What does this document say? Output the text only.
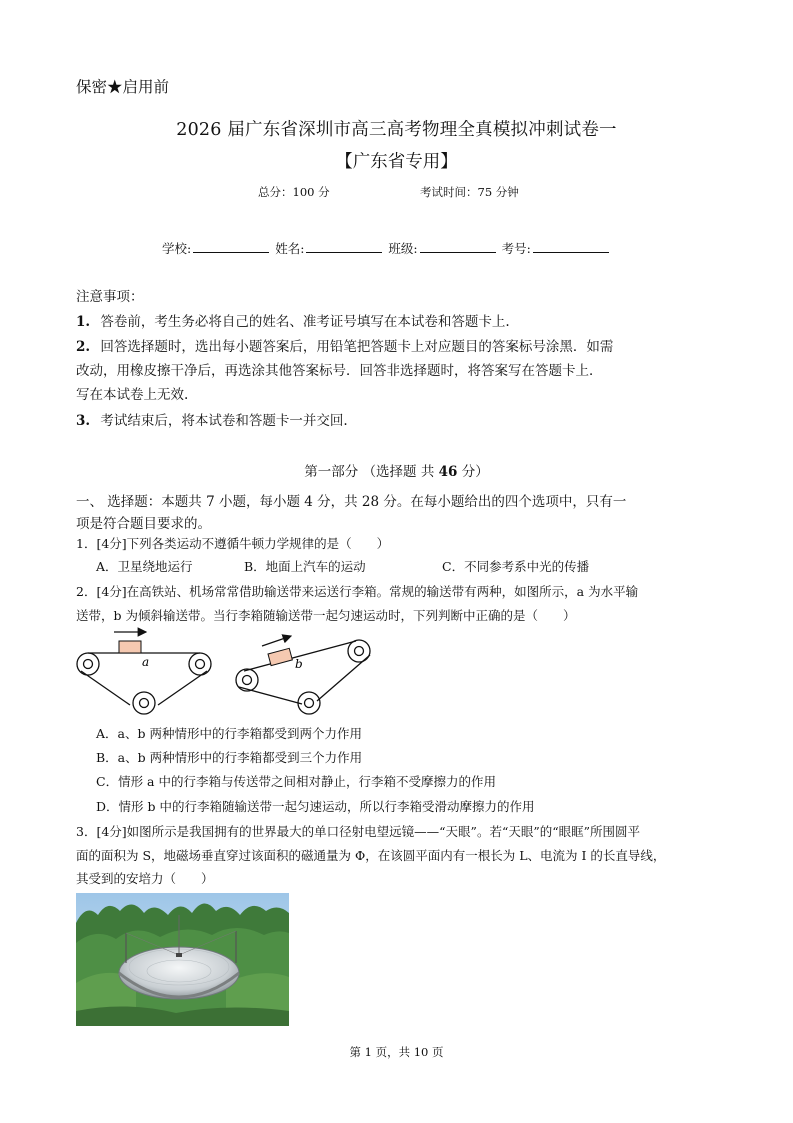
保密★启用前
2026 届广东省深圳市高三高考物理全真模拟冲刺试卷一
【广东省专用】
总分：100 分	考试时间：75 分钟
学校:	姓名:	班级:	考号:
注意事项：
1. 答卷前，考生务必将自己的姓名、准考证号填写在本试卷和答题卡上.
2. 回答选择题时，选出每小题答案后，用铅笔把答题卡上对应题目的答案标号涂黑．如需
改动，用橡皮擦干净后，再选涂其他答案标号．回答非选择题时，将答案写在答题卡上．
写在本试卷上无效.
3. 考试结束后，将本试卷和答题卡一并交回.
第一部分 （选择题 共 46 分）
一、 选择题：本题共 7 小题，每小题 4 分，共 28 分。在每小题给出的四个选项中，只有一
项是符合题目要求的。
1．[4分]下列各类运动不遵循牛顿力学规律的是（　　）
A．卫星绕地运行	B．地面上汽车的运动	C．不同参考系中光的传播
2．[4分]在高铁站、机场常常借助输送带来运送行李箱。常规的输送带有两种，如图所示，a 为水平输
送带，b 为倾斜输送带。当行李箱随输送带一起匀速运动时，下列判断中正确的是（　　）
a	b
A．a、b 两种情形中的行李箱都受到两个力作用
B．a、b 两种情形中的行李箱都受到三个力作用
C．情形 a 中的行李箱与传送带之间相对静止，行李箱不受摩擦力的作用
D．情形 b 中的行李箱随输送带一起匀速运动，所以行李箱受滑动摩擦力的作用
3．[4分]如图所示是我国拥有的世界最大的单口径射电望远镜——“天眼”。若“天眼”的“眼眶”所围圆平
面的面积为 S，地磁场垂直穿过该面积的磁通量为 Φ，在该圆平面内有一根长为 L、电流为 I 的长直导线，
其受到的安培力（　　）
第 1 页，共 10 页
